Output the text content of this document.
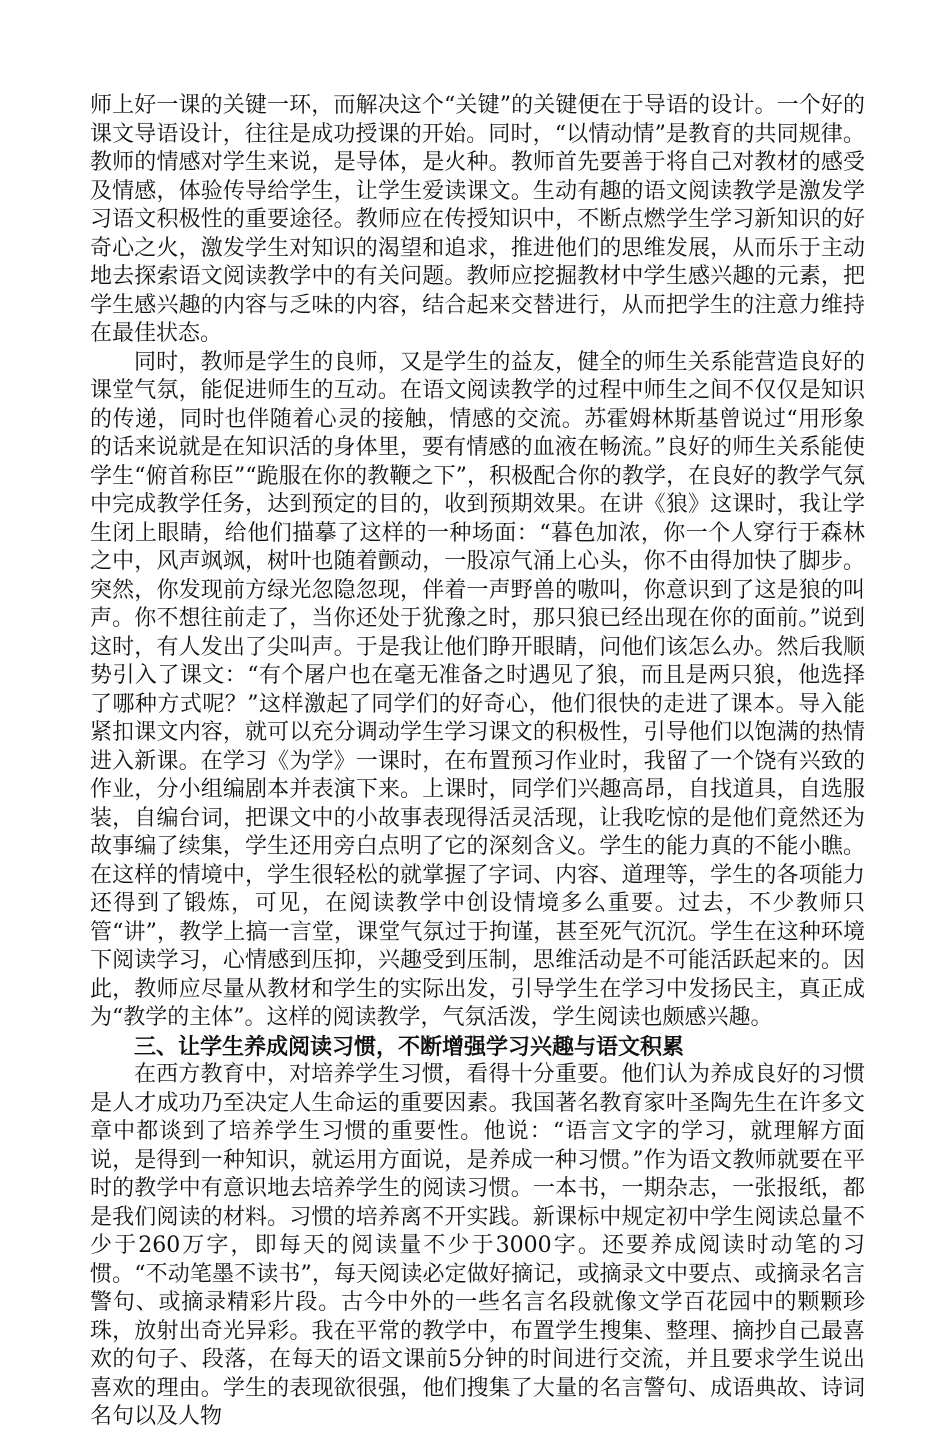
师上好一课的关键一环，而解决这个“关键”的关键便在于导语的设计。一个好的课文导语设计，往往是成功授课的开始。同时，“以情动情”是教育的共同规律。教师的情感对学生来说，是导体，是火种。教师首先要善于将自己对教材的感受及情感，体验传导给学生，让学生爱读课文。生动有趣的语文阅读教学是激发学习语文积极性的重要途径。教师应在传授知识中，不断点燃学生学习新知识的好奇心之火，激发学生对知识的渴望和追求，推进他们的思维发展，从而乐于主动地去探索语文阅读教学中的有关问题。教师应挖掘教材中学生感兴趣的元素，把学生感兴趣的内容与乏味的内容，结合起来交替进行，从而把学生的注意力维持在最佳状态。

同时，教师是学生的良师，又是学生的益友，健全的师生关系能营造良好的课堂气氛，能促进师生的互动。在语文阅读教学的过程中师生之间不仅仅是知识的传递，同时也伴随着心灵的接触，情感的交流。苏霍姆林斯基曾说过“用形象的话来说就是在知识活的身体里，要有情感的血液在畅流。”良好的师生关系能使学生“俯首称臣”“跪服在你的教鞭之下”，积极配合你的教学，在良好的教学气氛中完成教学任务，达到预定的目的，收到预期效果。在讲《狼》这课时，我让学生闭上眼睛，给他们描摹了这样的一种场面：“暮色加浓，你一个人穿行于森林之中，风声飒飒，树叶也随着颤动，一股凉气涌上心头，你不由得加快了脚步。突然，你发现前方绿光忽隐忽现，伴着一声野兽的嗷叫，你意识到了这是狼的叫声。你不想往前走了，当你还处于犹豫之时，那只狼已经出现在你的面前。”说到这时，有人发出了尖叫声。于是我让他们睁开眼睛，问他们该怎么办。然后我顺势引入了课文：“有个屠户也在毫无准备之时遇见了狼，而且是两只狼，他选择了哪种方式呢？”这样激起了同学们的好奇心，他们很快的走进了课本。导入能紧扣课文内容，就可以充分调动学生学习课文的积极性，引导他们以饱满的热情进入新课。在学习《为学》一课时，在布置预习作业时，我留了一个饶有兴致的作业，分小组编剧本并表演下来。上课时，同学们兴趣高昂，自找道具，自选服装，自编台词，把课文中的小故事表现得活灵活现，让我吃惊的是他们竟然还为故事编了续集，学生还用旁白点明了它的深刻含义。学生的能力真的不能小瞧。在这样的情境中，学生很轻松的就掌握了字词、内容、道理等，学生的各项能力还得到了锻炼，可见，在阅读教学中创设情境多么重要。过去，不少教师只管“讲”，教学上搞一言堂，课堂气氛过于拘谨，甚至死气沉沉。学生在这种环境下阅读学习，心情感到压抑，兴趣受到压制，思维活动是不可能活跃起来的。因此，教师应尽量从教材和学生的实际出发，引导学生在学习中发扬民主，真正成为“教学的主体”。这样的阅读教学，气氛活泼，学生阅读也颇感兴趣。

三、让学生养成阅读习惯，不断增强学习兴趣与语文积累

在西方教育中，对培养学生习惯，看得十分重要。他们认为养成良好的习惯是人才成功乃至决定人生命运的重要因素。我国著名教育家叶圣陶先生在许多文章中都谈到了培养学生习惯的重要性。他说：“语言文字的学习，就理解方面说，是得到一种知识，就运用方面说，是养成一种习惯。”作为语文教师就要在平时的教学中有意识地去培养学生的阅读习惯。一本书，一期杂志，一张报纸，都是我们阅读的材料。习惯的培养离不开实践。新课标中规定初中学生阅读总量不少于260万字，即每天的阅读量不少于3000字。还要养成阅读时动笔的习惯。“不动笔墨不读书”，每天阅读必定做好摘记，或摘录文中要点、或摘录名言警句、或摘录精彩片段。古今中外的一些名言名段就像文学百花园中的颗颗珍珠，放射出奇光异彩。我在平常的教学中，布置学生搜集、整理、摘抄自己最喜欢的句子、段落，在每天的语文课前5分钟的时间进行交流，并且要求学生说出喜欢的理由。学生的表现欲很强，他们搜集了大量的名言警句、成语典故、诗词名句以及人物
